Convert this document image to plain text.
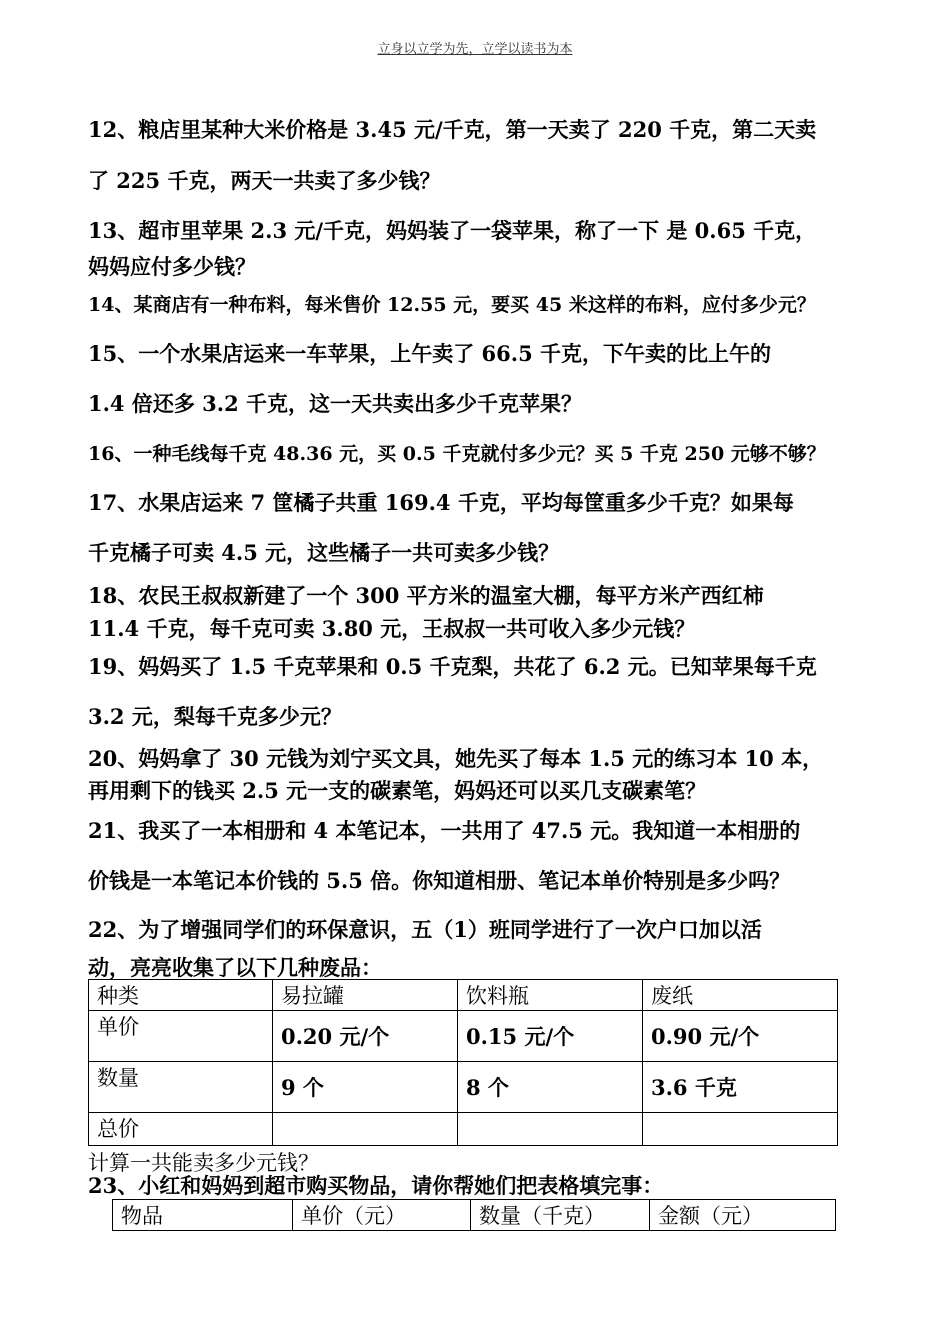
立身以立学为先，立学以读书为本
12、粮店里某种大米价格是 3.45 元/千克，第一天卖了 220 千克，第二天卖
了 225 千克，两天一共卖了多少钱？
13、超市里苹果 2.3 元/千克，妈妈装了一袋苹果，称了一下 是 0.65 千克，
妈妈应付多少钱？
14、某商店有一种布料，每米售价 12.55 元，要买 45 米这样的布料，应付多少元？
15、一个水果店运来一车苹果，上午卖了 66.5 千克，下午卖的比上午的
1.4 倍还多 3.2 千克，这一天共卖出多少千克苹果？
16、一种毛线每千克 48.36 元，买 0.5 千克就付多少元？买 5 千克 250 元够不够？
17、水果店运来 7 筐橘子共重 169.4 千克，平均每筐重多少千克？如果每
千克橘子可卖 4.5 元，这些橘子一共可卖多少钱？
18、农民王叔叔新建了一个 300 平方米的温室大棚，每平方米产西红柿
11.4 千克，每千克可卖 3.80 元，王叔叔一共可收入多少元钱？
19、妈妈买了 1.5 千克苹果和 0.5 千克梨，共花了 6.2 元。已知苹果每千克
3.2 元，梨每千克多少元？
20、妈妈拿了 30 元钱为刘宁买文具，她先买了每本 1.5 元的练习本 10 本，
再用剩下的钱买 2.5 元一支的碳素笔，妈妈还可以买几支碳素笔？
21、我买了一本相册和 4 本笔记本，一共用了 47.5 元。我知道一本相册的
价钱是一本笔记本价钱的 5.5 倍。你知道相册、笔记本单价特别是多少吗？
22、为了增强同学们的环保意识，五（1）班同学进行了一次户口加以活
动，亮亮收集了以下几种废品：
种类	易拉罐	饮料瓶	废纸
单价	0.20 元/个	0.15 元/个	0.90 元/个
数量	9 个	8 个	3.6 千克
总价			
计算一共能卖多少元钱？
23、小红和妈妈到超市购买物品，请你帮她们把表格填完事：
物品	单价（元）	数量（千克）	金额（元）
